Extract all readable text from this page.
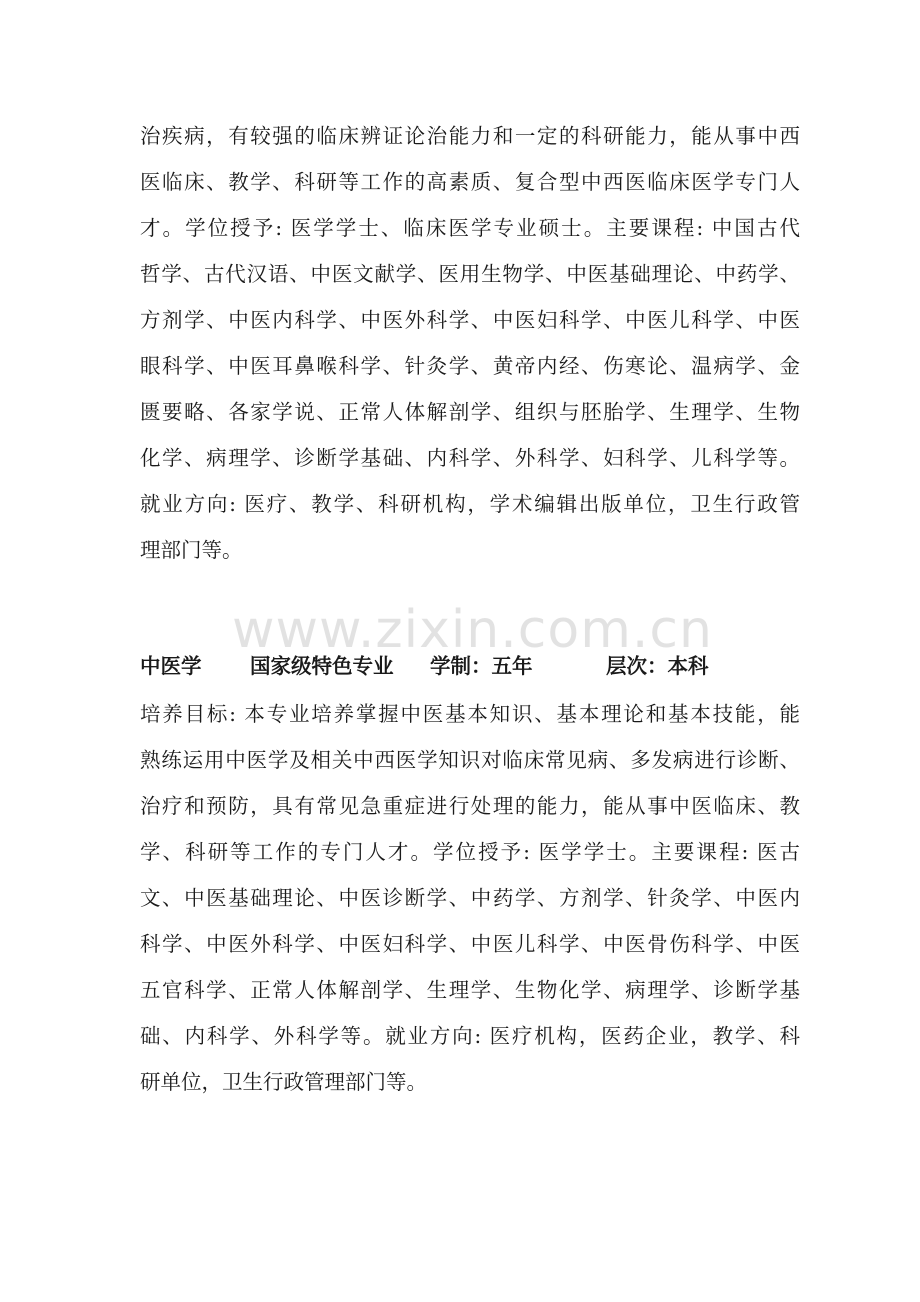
治疾病，有较强的临床辨证论治能力和一定的科研能力，能从事中西
医临床、教学、科研等工作的高素质、复合型中西医临床医学专门人
才。学位授予: 医学学士、临床医学专业硕士。主要课程: 中国古代
哲学、古代汉语、中医文献学、医用生物学、中医基础理论、中药学、
方剂学、中医内科学、中医外科学、中医妇科学、中医儿科学、中医
眼科学、中医耳鼻喉科学、针灸学、黄帝内经、伤寒论、温病学、金
匮要略、各家学说、正常人体解剖学、组织与胚胎学、生理学、生物
化学、病理学、诊断学基础、内科学、外科学、妇科学、儿科学等。
就业方向: 医疗、教学、科研机构，学术编辑出版单位，卫生行政管
理部门等。
www.zixin.com.cn
中医学 国家级特色专业 学制：五年	层次：本科
培养目标: 本专业培养掌握中医基本知识、基本理论和基本技能，能
熟练运用中医学及相关中西医学知识对临床常见病、多发病进行诊断、
治疗和预防，具有常见急重症进行处理的能力，能从事中医临床、教
学、科研等工作的专门人才。学位授予: 医学学士。主要课程: 医古
文、中医基础理论、中医诊断学、中药学、方剂学、针灸学、中医内
科学、中医外科学、中医妇科学、中医儿科学、中医骨伤科学、中医
五官科学、正常人体解剖学、生理学、生物化学、病理学、诊断学基
础、内科学、外科学等。就业方向: 医疗机构，医药企业，教学、科
研单位，卫生行政管理部门等。
